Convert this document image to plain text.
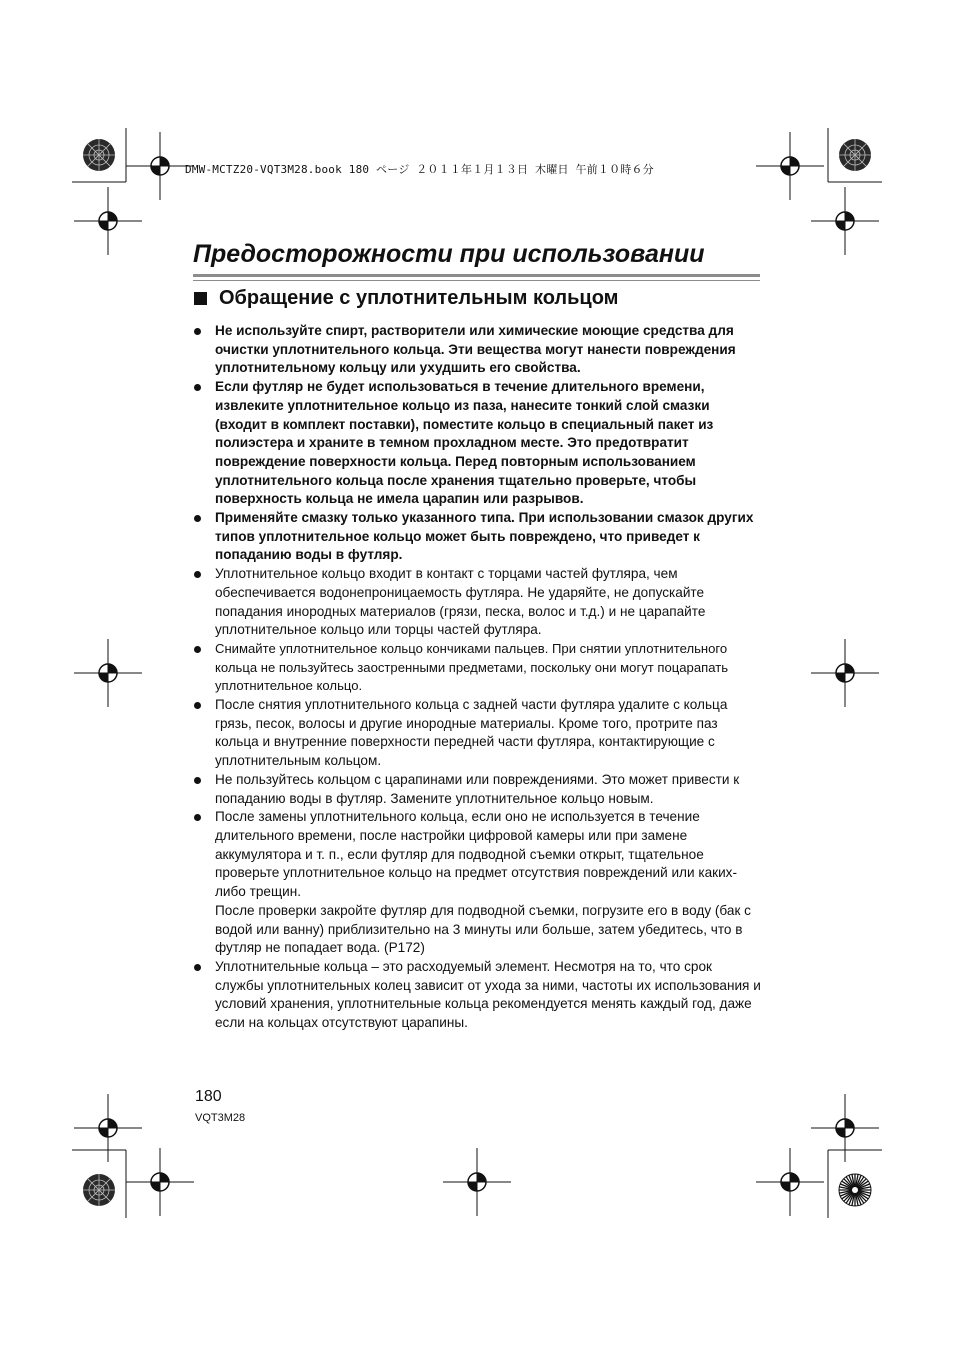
DMW-MCTZ20-VQT3M28.book 180 ページ ２０１１年１月１３日 木曜日 午前１０時６分
Предосторожности при использовании
Обращение с уплотнительным кольцом

Не используйте спирт, растворители или химические моющие средства для очистки уплотнительного кольца. Эти вещества могут нанести повреждения уплотнительному кольцу или ухудшить его свойства.

Если футляр не будет использоваться в течение длительного времени, извлеките уплотнительное кольцо из паза, нанесите тонкий слой смазки (входит в комплект поставки), поместите кольцо в специальный пакет из полиэстера и храните в темном прохладном месте. Это предотвратит повреждение поверхности кольца. Перед повторным использованием уплотнительного кольца после хранения тщательно проверьте, чтобы поверхность кольца не имела царапин или разрывов.

Применяйте смазку только указанного типа. При использовании смазок других типов уплотнительное кольцо может быть повреждено, что приведет к попаданию воды в футляр.

Уплотнительное кольцо входит в контакт с торцами частей футляра, чем обеспечивается водонепроницаемость футляра. Не ударяйте, не допускайте попадания инородных материалов (грязи, песка, волос и т.д.) и не царапайте уплотнительное кольцо или торцы частей футляра.

Снимайте уплотнительное кольцо кончиками пальцев. При снятии уплотнительного кольца не пользуйтесь заостренными предметами, поскольку они могут поцарапать уплотнительное кольцо.

После снятия уплотнительного кольца с задней части футляра удалите с кольца грязь, песок, волосы и другие инородные материалы. Кроме того, протрите паз кольца и внутренние поверхности передней части футляра, контактирующие с уплотнительным кольцом.

Не пользуйтесь кольцом с царапинами или повреждениями. Это может привести к попаданию воды в футляр. Замените уплотнительное кольцо новым.

После замены уплотнительного кольца, если оно не используется в течение длительного времени, после настройки цифровой камеры или при замене аккумулятора и т. п., если футляр для подводной съемки открыт, тщательное проверьте уплотнительное кольцо на предмет отсутствия повреждений или каких-либо трещин.

После проверки закройте футляр для подводной съемки, погрузите его в воду (бак с водой или ванну) приблизительно на 3 минуты или больше, затем убедитесь, что в футляр не попадает вода. (P172)

Уплотнительные кольца – это расходуемый элемент. Несмотря на то, что срок службы уплотнительных колец зависит от ухода за ними, частоты их использования и условий хранения, уплотнительные кольца рекомендуется менять каждый год, даже если на кольцах отсутствуют царапины.

180
VQT3M28
